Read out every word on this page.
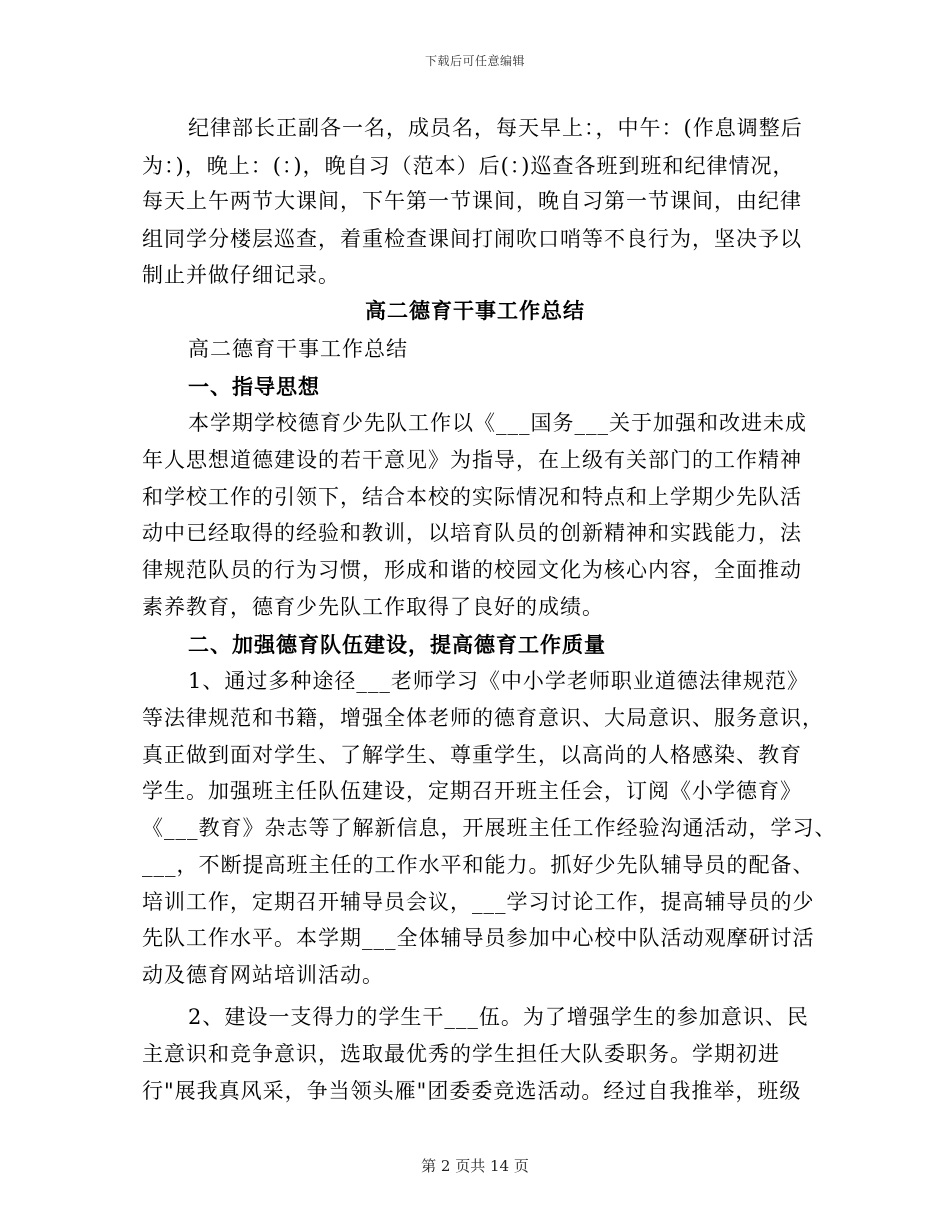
下载后可任意编辑
纪律部长正副各一名，成员名，每天早上：，中午：(作息调整后
为：)，晚上：(：)，晚自习（范本）后(：)巡查各班到班和纪律情况，
每天上午两节大课间，下午第一节课间，晚自习第一节课间，由纪律
组同学分楼层巡查，着重检查课间打闹吹口哨等不良行为，坚决予以
制止并做仔细记录。
高二德育干事工作总结
高二德育干事工作总结
一、指导思想
本学期学校德育少先队工作以《___国务___关于加强和改进未成
年人思想道德建设的若干意见》为指导，在上级有关部门的工作精神
和学校工作的引领下，结合本校的实际情况和特点和上学期少先队活
动中已经取得的经验和教训，以培育队员的创新精神和实践能力，法
律规范队员的行为习惯，形成和谐的校园文化为核心内容，全面推动
素养教育，德育少先队工作取得了良好的成绩。
二、加强德育队伍建设，提高德育工作质量
1、通过多种途径___老师学习《中小学老师职业道德法律规范》
等法律规范和书籍，增强全体老师的德育意识、大局意识、服务意识，
真正做到面对学生、了解学生、尊重学生，以高尚的人格感染、教育
学生。加强班主任队伍建设，定期召开班主任会，订阅《小学德育》
《___教育》杂志等了解新信息，开展班主任工作经验沟通活动，学习、
___，不断提高班主任的工作水平和能力。抓好少先队辅导员的配备、
培训工作，定期召开辅导员会议，___学习讨论工作，提高辅导员的少
先队工作水平。本学期___全体辅导员参加中心校中队活动观摩研讨活
动及德育网站培训活动。
2、建设一支得力的学生干___伍。为了增强学生的参加意识、民
主意识和竞争意识，选取最优秀的学生担任大队委职务。学期初进
行"展我真风采，争当领头雁"团委委竞选活动。经过自我推举，班级
第 2 页共 14 页
